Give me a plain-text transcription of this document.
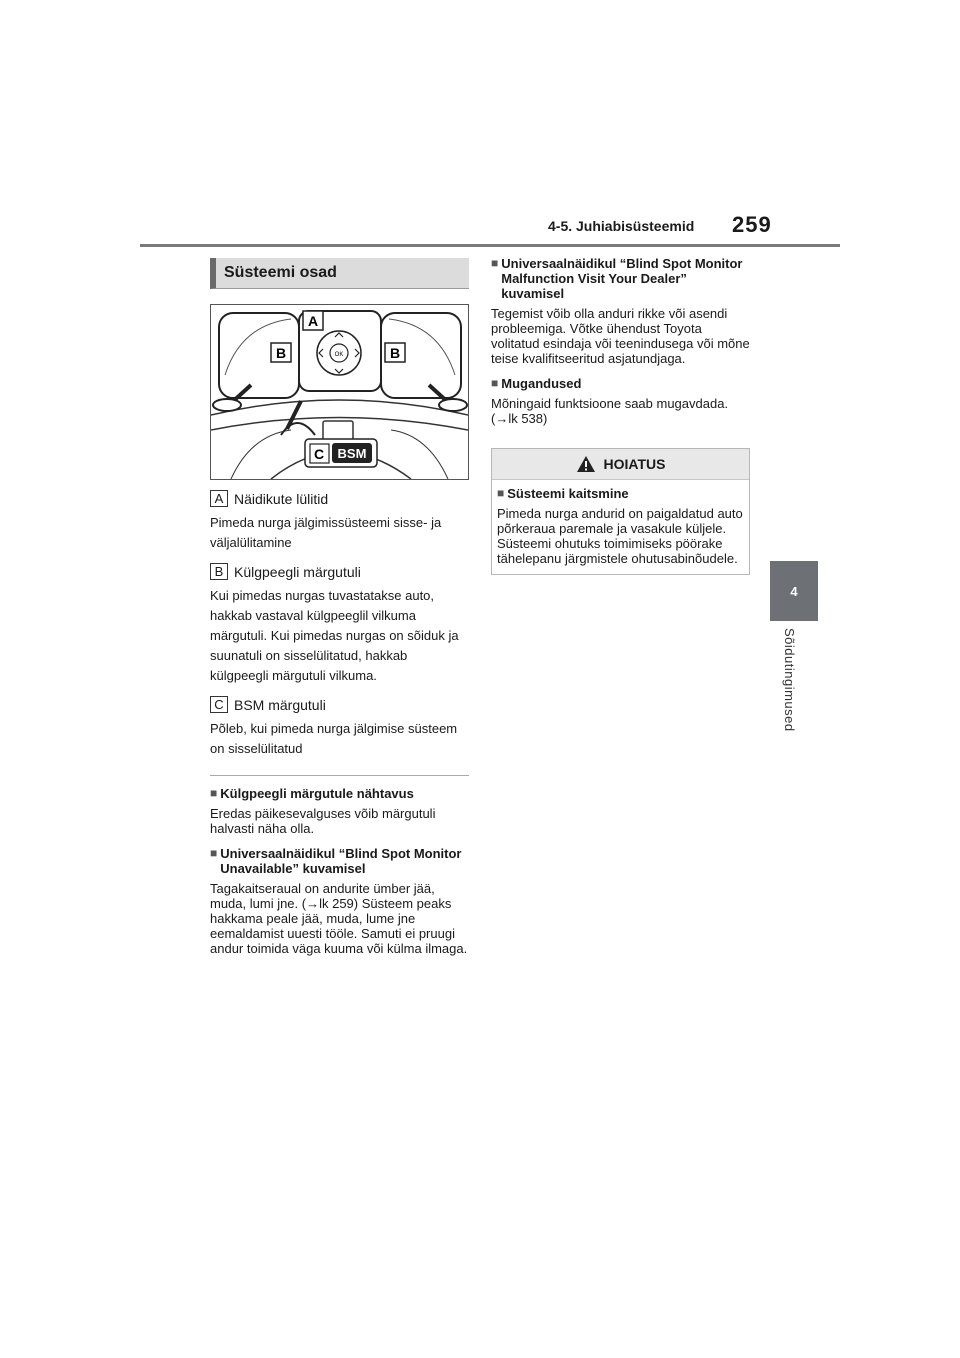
4-5. Juhiabisüsteemid 259
4
Sõidutingimused
Süsteemi osad
A
B	B
C BSM
OK
A Näidikute lülitid
Pimeda nurga jälgimissüsteemi sisse- ja väljalülitamine
B Külgpeegli märgutuli
Kui pimedas nurgas tuvastatakse auto, hakkab vastaval külgpeeglil vilkuma märgutuli. Kui pimedas nurgas on sõiduk ja suunatuli on sisselülitatud, hakkab külgpeegli märgutuli vilkuma.
C BSM märgutuli
Põleb, kui pimeda nurga jälgimise süsteem on sisselülitatud
■ Külgpeegli märgutule nähtavus
Eredas päikesevalguses võib märgutuli halvasti näha olla.
■ Universaalnäidikul “Blind Spot Monitor Unavailable” kuvamisel
Tagakaitseraual on andurite ümber jää, muda, lumi jne. (→lk 259) Süsteem peaks hakkama peale jää, muda, lume jne eemaldamist uuesti tööle. Samuti ei pruugi andur toimida väga kuuma või külma ilmaga.
■ Universaalnäidikul “Blind Spot Monitor Malfunction Visit Your Dealer” kuvamisel
Tegemist võib olla anduri rikke või asendi probleemiga. Võtke ühendust Toyota volitatud esindaja või teenindusega või mõne teise kvalifitseeritud asjatundjaga.
■ Mugandused
Mõningaid funktsioone saab mugavdada. (→lk 538)
HOIATUS
■ Süsteemi kaitsmine
Pimeda nurga andurid on paigaldatud auto põrkeraua paremale ja vasakule küljele. Süsteemi ohutuks toimimiseks pöörake tähelepanu järgmistele ohutusabinõudele.
